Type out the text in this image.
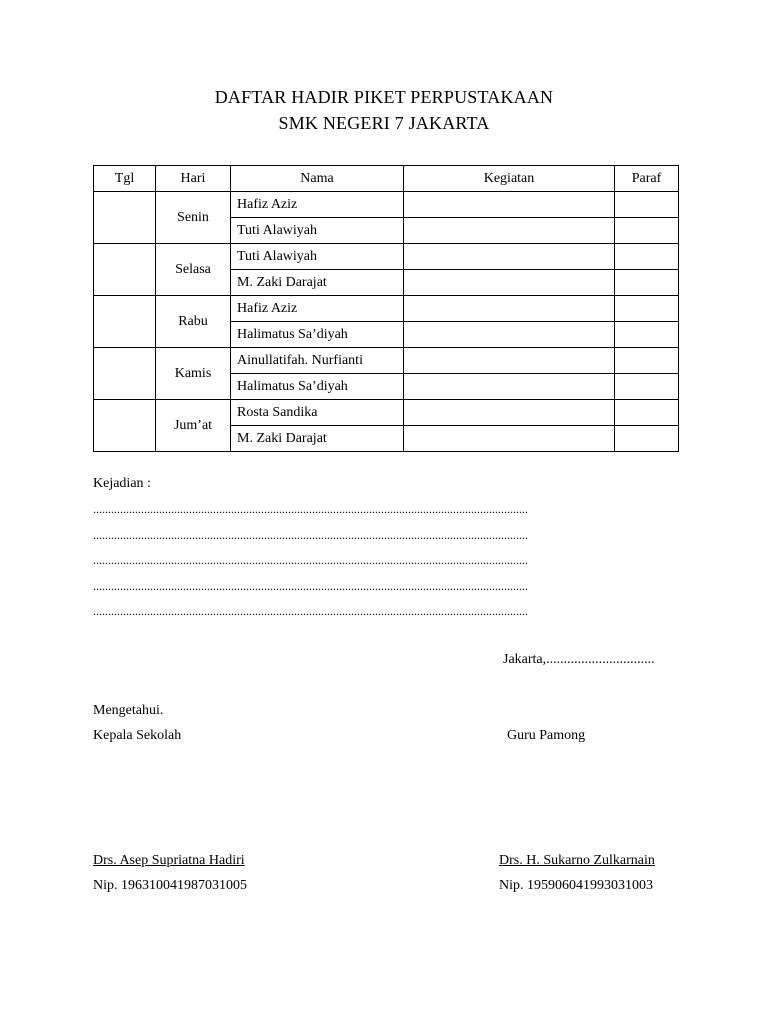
DAFTAR HADIR PIKET PERPUSTAKAAN
SMK NEGERI 7 JAKARTA
Tgl	Hari	Nama	Kegiatan	Paraf
	Senin	Hafiz Aziz		
		Tuti Alawiyah		
	Selasa	Tuti Alawiyah		
		M. Zaki Darajat		
	Rabu	Hafiz Aziz		
		Halimatus Sa’diyah		
	Kamis	Ainullatifah. Nurfianti		
		Halimatus Sa’diyah		
	Jum’at	Rosta Sandika		
		M. Zaki Darajat		
Kejadian :
.................................................................................................................................................
.................................................................................................................................................
.................................................................................................................................................
.................................................................................................................................................
.................................................................................................................................................
Jakarta,...............................
Mengetahui.
Kepala Sekolah	Guru Pamong
Drs. Asep Supriatna Hadiri	Drs. H. Sukarno Zulkarnain
Nip. 196310041987031005	Nip. 195906041993031003
